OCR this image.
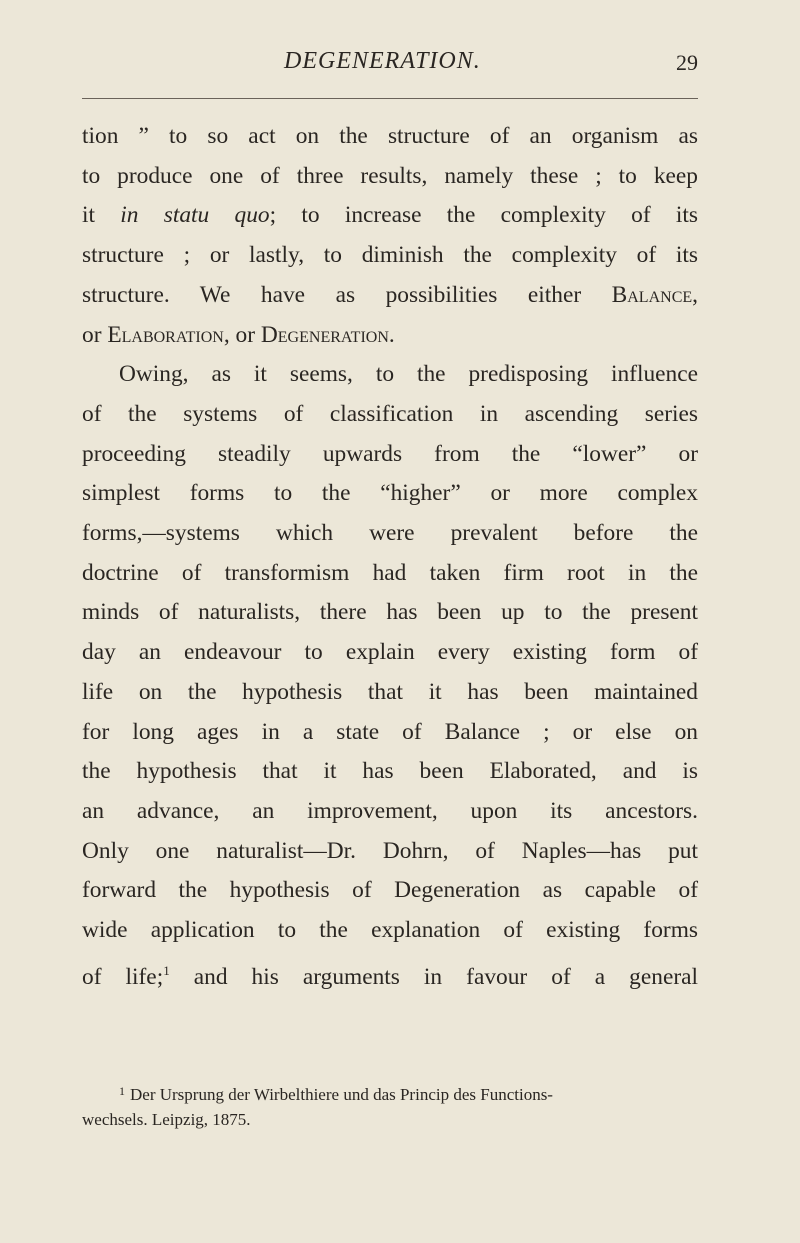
DEGENERATION.	29
tion ” to so act on the structure of an organism as
to produce one of three results, namely these ; to keep
it in statu quo; to increase the complexity of its
structure ; or lastly, to diminish the complexity of its
structure. We have as possibilities either Balance,
or Elaboration, or Degeneration.
Owing, as it seems, to the predisposing influence
of the systems of classification in ascending series
proceeding steadily upwards from the “lower” or
simplest forms to the “higher” or more complex
forms,—systems which were prevalent before the
doctrine of transformism had taken firm root in the
minds of naturalists, there has been up to the present
day an endeavour to explain every existing form of
life on the hypothesis that it has been maintained
for long ages in a state of Balance ; or else on
the hypothesis that it has been Elaborated, and is
an advance, an improvement, upon its ancestors.
Only one naturalist—Dr. Dohrn, of Naples—has put
forward the hypothesis of Degeneration as capable of
wide application to the explanation of existing forms
of life;$^1$ and his arguments in favour of a general
$^1$ Der Ursprung der Wirbelthiere und das Princip des Functions-
wechsels. Leipzig, 1875.
